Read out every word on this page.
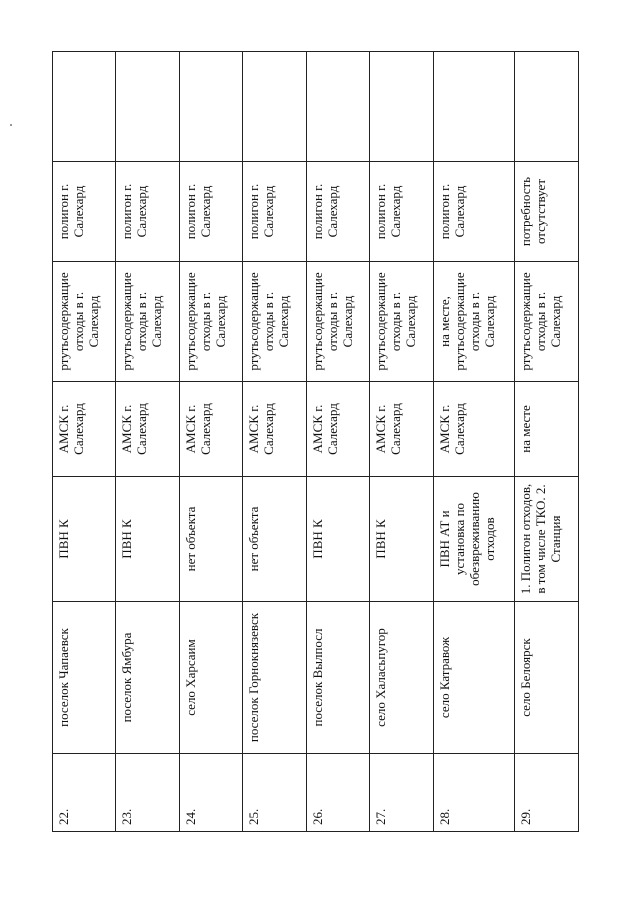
22.	поселок Чапаевск	ПВН К	АМСК г. Салехард	ртутьсодержащие отходы в г. Салехард	полигон г. Салехард	
23.	поселок Ямбура	ПВН К	АМСК г. Салехард	ртутьсодержащие отходы в г. Салехард	полигон г. Салехард	
24.	село Харсаим	нет объекта	АМСК г. Салехард	ртутьсодержащие отходы в г. Салехард	полигон г. Салехард	
25.	поселок Горнокнязевск	нет объекта	АМСК г. Салехард	ртутьсодержащие отходы в г. Салехард	полигон г. Салехард	
26.	поселок Вылпосл	ПВН К	АМСК г. Салехард	ртутьсодержащие отходы в г. Салехард	полигон г. Салехард	
27.	село Халасьпугор	ПВН К	АМСК г. Салехард	ртутьсодержащие отходы в г. Салехард	полигон г. Салехард	
28.	село Катравож	ПВН АТ и установка по обезвреживанию отходов	АМСК г. Салехард	на месте, ртутьсодержащие отходы в г. Салехард	полигон г. Салехард	
29.	село Белоярск	1. Полигон отходов, в том числе ТКО. 2. Станция	на месте	ртутьсодержащие отходы в г. Салехард	потребность отсутствует	
